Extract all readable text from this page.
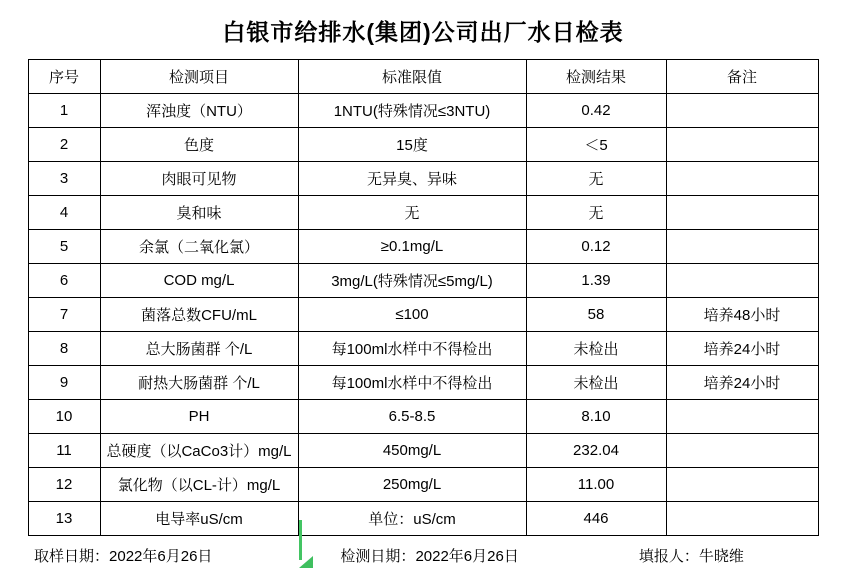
白银市给排水(集团)公司出厂水日检表
序号	检测项目	标准限值	检测结果	备注
1	浑浊度（NTU）	1NTU(特殊情况≤3NTU)	0.42	
2	色度	15度	＜5	
3	肉眼可见物	无异臭、异味	无	
4	臭和味	无	无	
5	余氯（二氧化氯）	≥0.1mg/L	0.12	
6	COD mg/L	3mg/L(特殊情况≤5mg/L)	1.39	
7	菌落总数CFU/mL	≤100	58	培养48小时
8	总大肠菌群 个/L	每100ml水样中不得检出	未检出	培养24小时
9	耐热大肠菌群 个/L	每100ml水样中不得检出	未检出	培养24小时
10	PH	6.5-8.5	8.10	
11	总硬度（以CaCo3计）mg/L	450mg/L	232.04	
12	氯化物（以CL-计）mg/L	250mg/L	11.00	
13	电导率uS/cm	单位：uS/cm	446	
取样日期：2022年6月26日	检测日期：2022年6月26日	填报人：牛晓维
